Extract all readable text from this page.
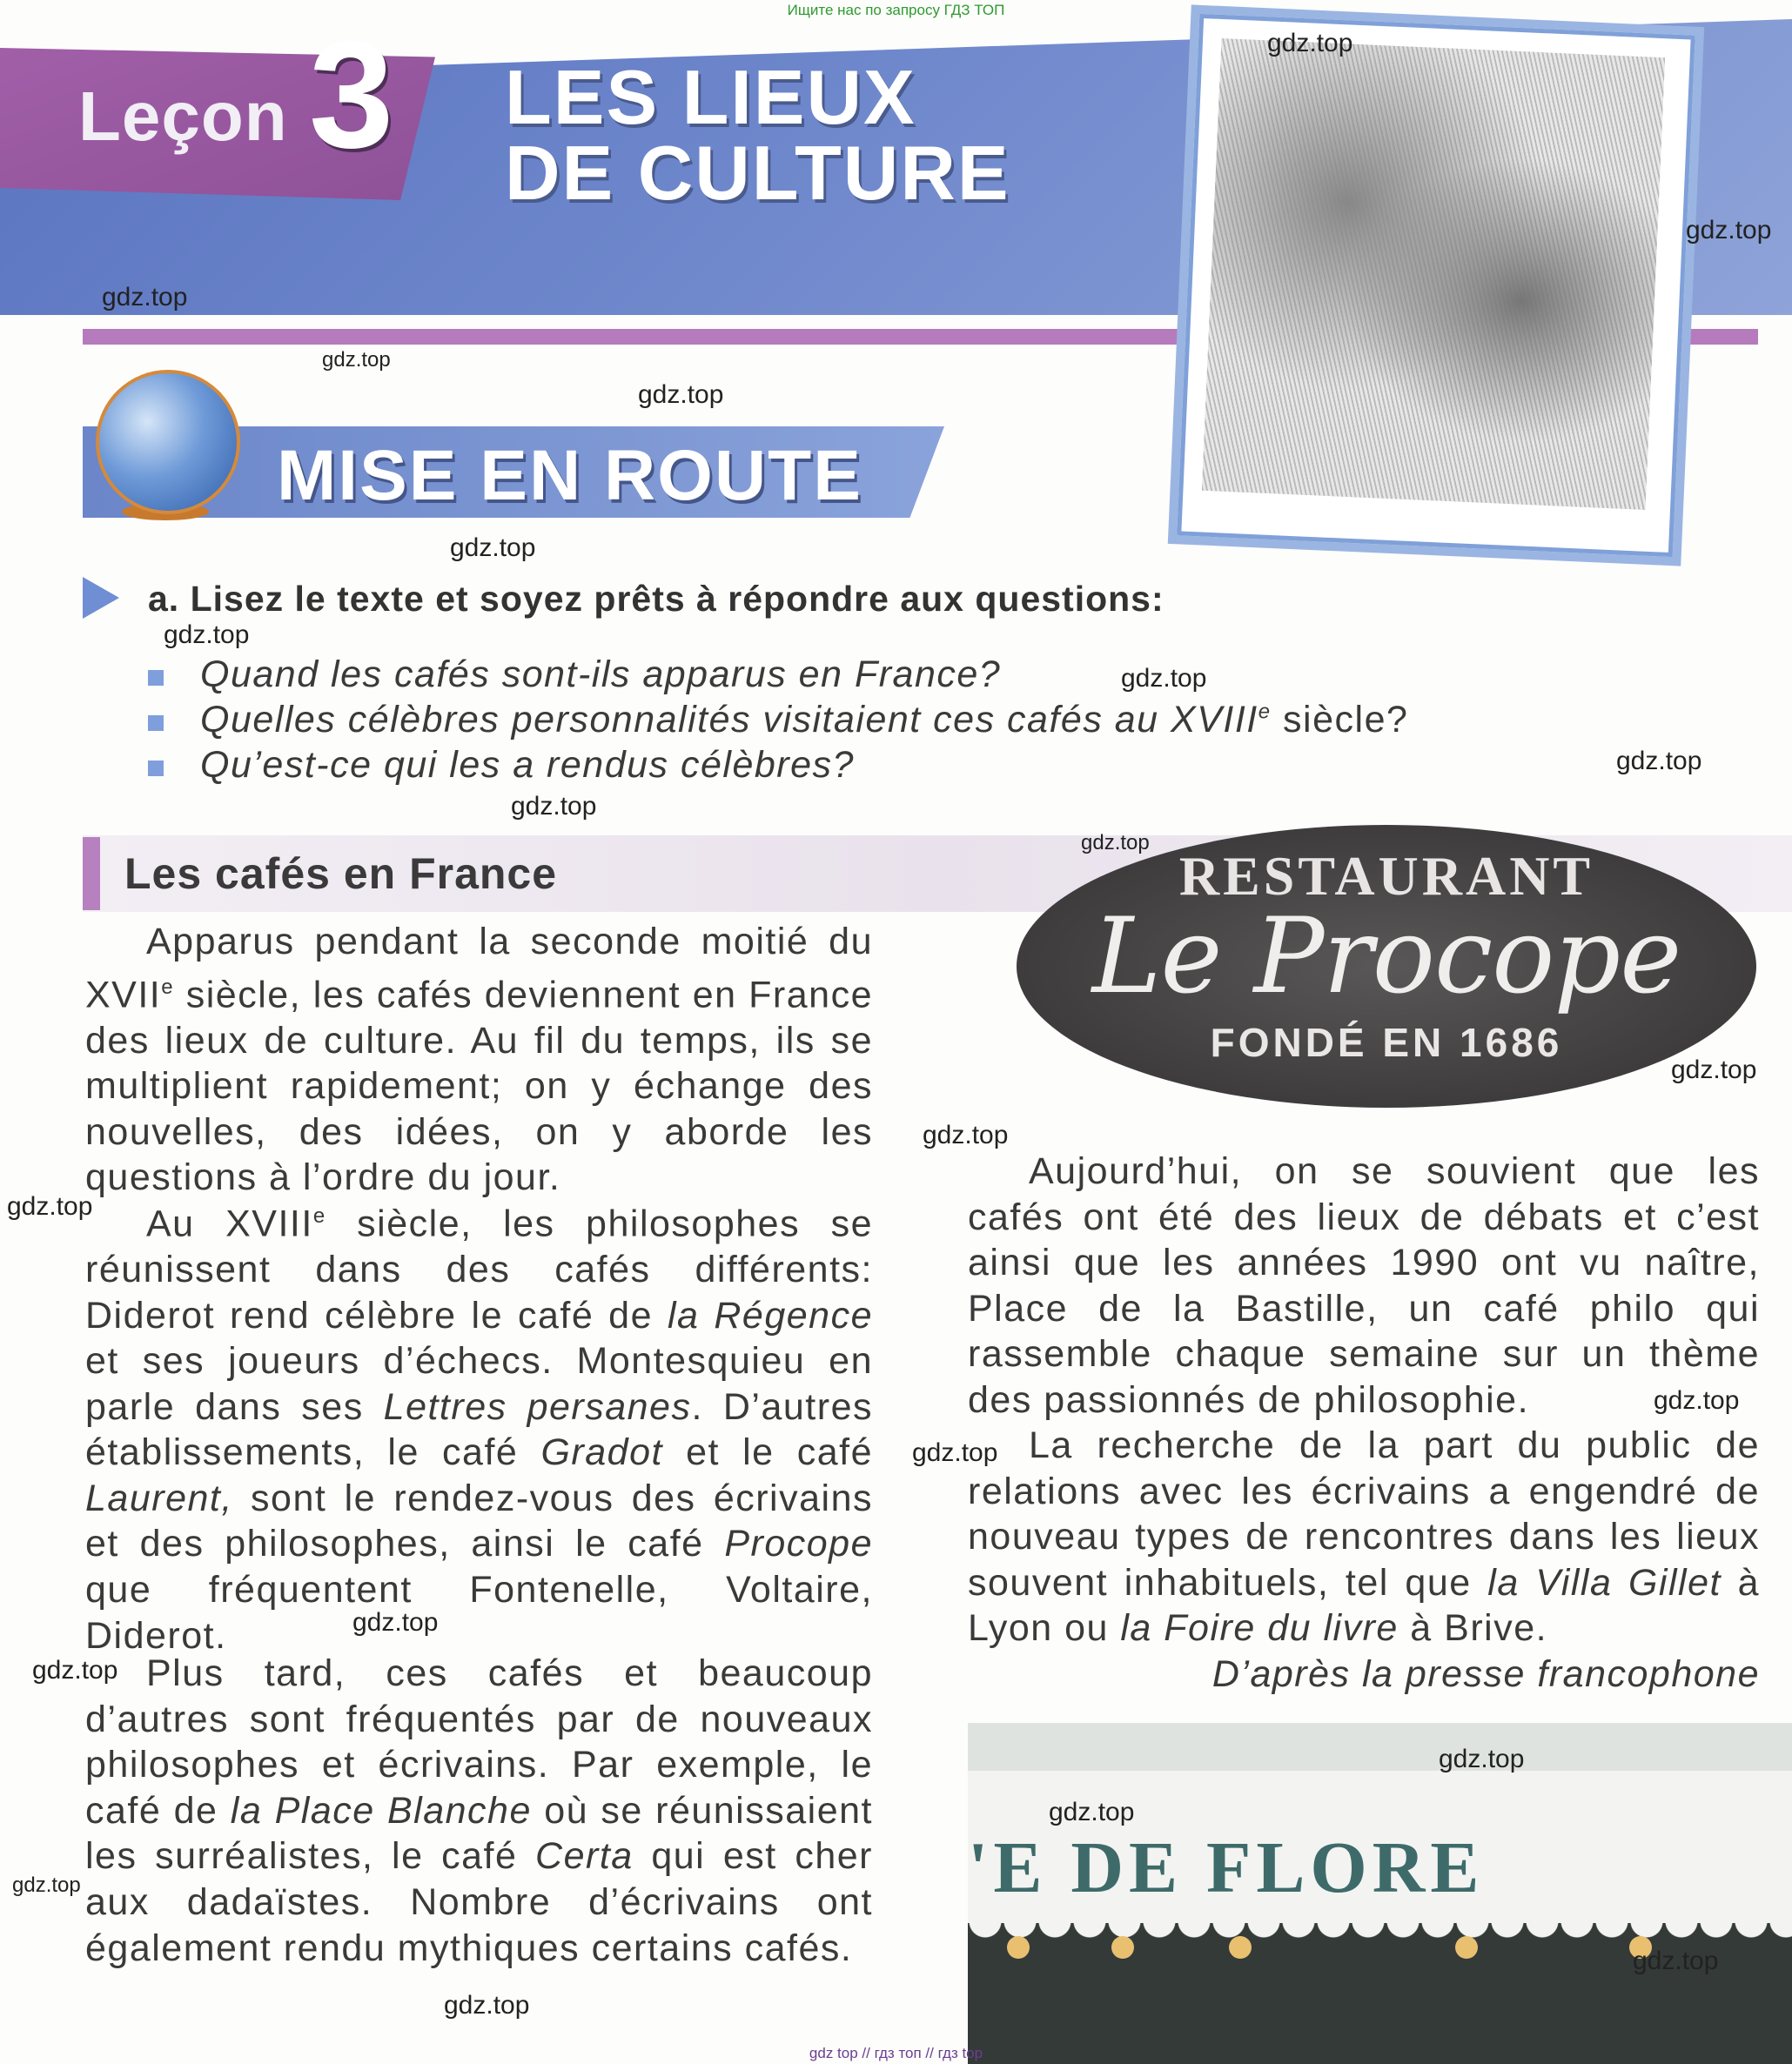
Ищите нас по запросу ГДЗ ТОП
Leçon 3 LES LIEUX
DE CULTURE
MISE EN ROUTE
a. Lisez le texte et soyez prêts à répondre aux questions:
Quand les cafés sont-ils apparus en France?
Quelles célèbres personnalités visitaient ces cafés au XVIIIe siècle?
Qu’est-ce qui les a rendus célèbres?
Les cafés en France
Apparus pendant la seconde moitié du XVIIe siècle, les cafés deviennent en France des lieux de culture. Au fil du temps, ils se multiplient rapidement; on y échange des nouvelles, des idées, on y aborde les questions à l’ordre du jour.
Au XVIIIe siècle, les philosophes se réunissent dans des cafés différents: Diderot rend célèbre le café de la Régence et ses joueurs d’échecs. Montesquieu en parle dans ses Lettres persanes. D’autres établissements, le café Gradot et le café Laurent, sont le rendez-vous des écrivains et des philosophes, ainsi le café Procope que fréquentent Fontenelle, Voltaire, Diderot.
Plus tard, ces cafés et beaucoup d’autres sont fréquentés par de nouveaux philosophes et écrivains. Par exemple, le café de la Place Blanche où se réunissaient les surréalistes, le café Certa qui est cher aux dadaïstes. Nombre d’écrivains ont également rendu mythiques certains cafés.
RESTAURANT
Le Procope
FONDÉ EN 1686
Aujourd’hui, on se souvient que les cafés ont été des lieux de débats et c’est ainsi que les années 1990 ont vu naître, Place de la Bastille, un café philo qui rassemble chaque semaine sur un thème des passionnés de philosophie.
La recherche de la part du public de relations avec les écrivains a engendré de nouveau types de rencontres dans les lieux souvent inhabituels, tel que la Villa Gillet à Lyon ou la Foire du livre à Brive.
D’après la presse francophone
'E DE FLORE
gdz.top
gdz.top
gdz.top
gdz.top
gdz.top
gdz.top
gdz.top
gdz.top
gdz.top
gdz.top
gdz.top
gdz.top
gdz.top
gdz.top
gdz.top
gdz.top
gdz.top
gdz.top
gdz.top
gdz.top
gdz.top
gdz.top
gdz.top
gdz top // гдз топ // гдз top
